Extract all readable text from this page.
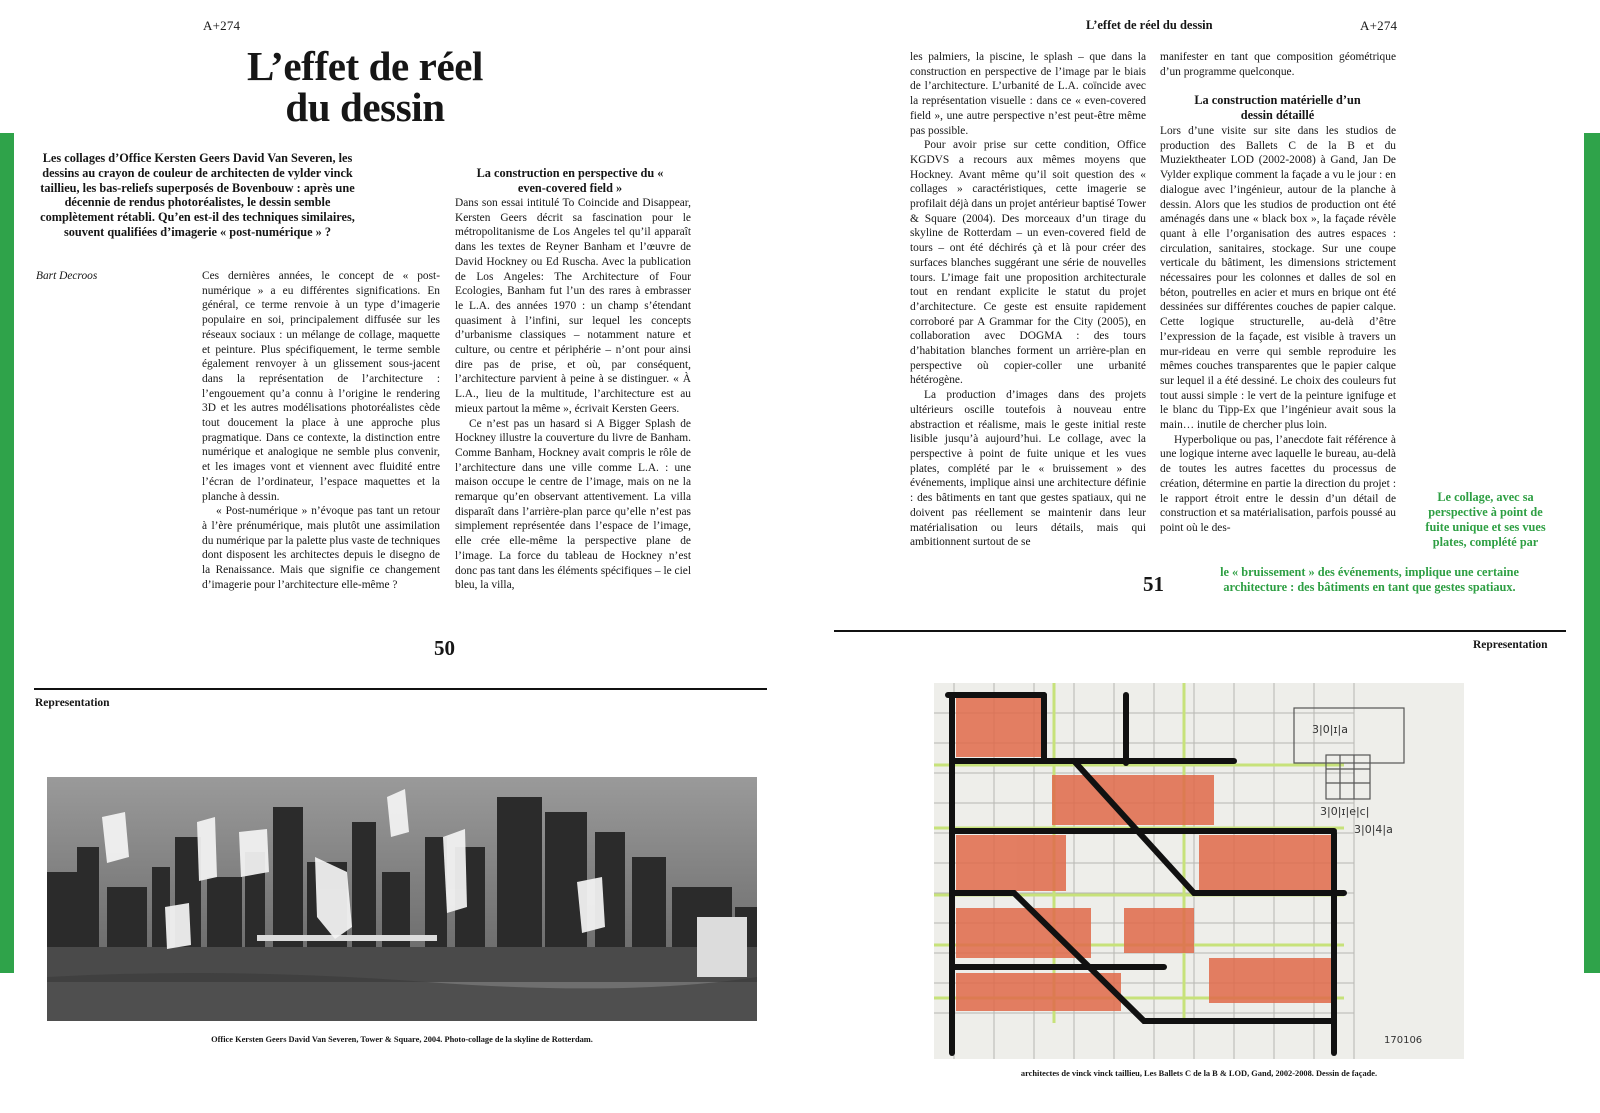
A+274
L’effet de réel
du dessin
Les collages d’Office Kersten Geers David Van Severen, les dessins au crayon de couleur de architecten de vylder vinck taillieu, les bas-reliefs superposés de Bovenbouw : après une décennie de rendus photoréalistes, le dessin semble complètement rétabli. Qu’en est-il des techniques similaires, souvent qualifiées d’imagerie « post-numérique » ?
Bart Decroos	Ces dernières années, le concept de « post-numérique » a eu différentes significations. En général, ce terme renvoie à un type d’imagerie populaire en soi, principalement diffusée sur les réseaux sociaux : un mélange de collage, maquette et peinture. Plus spécifiquement, le terme semble également renvoyer à un glissement sous-jacent dans la représentation de l’architecture : l’engouement qu’a connu à l’origine le rendering 3D et les autres modélisations photoréalistes cède tout doucement la place à une approche plus pragmatique. Dans ce contexte, la distinction entre numérique et analogique ne semble plus convenir, et les images vont et viennent avec fluidité entre l’écran de l’ordinateur, l’espace maquettes et la planche à dessin.

« Post-numérique » n’évoque pas tant un retour à l’ère prénumérique, mais plutôt une assimilation du numérique par la palette plus vaste de techniques dont disposent les architectes depuis le disegno de la Renaissance. Mais que signifie ce changement d’imagerie pour l’architecture elle-même ?

La construction en perspective du « even-covered field »

Dans son essai intitulé To Coincide and Disappear, Kersten Geers décrit sa fascination pour le métropolitanisme de Los Angeles tel qu’il apparaît dans les textes de Reyner Banham et l’œuvre de David Hockney ou Ed Ruscha. Avec la publication de Los Angeles: The Architecture of Four Ecologies, Banham fut l’un des rares à embrasser le L.A. des années 1970 : un champ s’étendant quasiment à l’infini, sur lequel les concepts d’urbanisme classiques – notamment nature et culture, ou centre et périphérie – n’ont pour ainsi dire pas de prise, et où, par conséquent, l’architecture parvient à peine à se distinguer. « À L.A., lieu de la multitude, l’architecture est au mieux partout la même », écrivait Kersten Geers.

Ce n’est pas un hasard si A Bigger Splash de Hockney illustre la couverture du livre de Banham. Comme Banham, Hockney avait compris le rôle de l’architecture dans une ville comme L.A. : une maison occupe le centre de l’image, mais on ne la remarque qu’en observant attentivement. La villa disparaît dans l’arrière-plan parce qu’elle n’est pas simplement représentée dans l’espace de l’image, elle crée elle-même la perspective plane de l’image. La force du tableau de Hockney n’est donc pas tant dans les éléments spécifiques – le ciel bleu, la villa,

50
Representation
Office Kersten Geers David Van Severen, Tower & Square, 2004. Photo-collage de la skyline de Rotterdam.
L’effet de réel du dessin	A+274

les palmiers, la piscine, le splash – que dans la construction en perspective de l’image par le biais de l’architecture. L’urbanité de L.A. coïncide avec la représentation visuelle : dans ce « even-covered field », une autre perspective n’est peut-être même pas possible.

Pour avoir prise sur cette condition, Office KGDVS a recours aux mêmes moyens que Hockney. Avant même qu’il soit question des « collages » caractéristiques, cette imagerie se profilait déjà dans un projet antérieur baptisé Tower & Square (2004). Des morceaux d’un tirage du skyline de Rotterdam – un even-covered field de tours – ont été déchirés çà et là pour créer des surfaces blanches suggérant une série de nouvelles tours. L’image fait une proposition architecturale tout en rendant explicite le statut du projet d’architecture. Ce geste est ensuite rapidement corroboré par A Grammar for the City (2005), en collaboration avec DOGMA : des tours d’habitation blanches forment un arrière-plan en perspective où copier-coller une urbanité hétérogène.

La production d’images dans des projets ultérieurs oscille toutefois à nouveau entre abstraction et réalisme, mais le geste initial reste lisible jusqu’à aujourd’hui. Le collage, avec la perspective à point de fuite unique et les vues plates, complété par le « bruissement » des événements, implique ainsi une architecture définie : des bâtiments en tant que gestes spatiaux, qui ne doivent pas réellement se maintenir dans leur matérialisation ou leurs détails, mais qui ambitionnent surtout de se

manifester en tant que composition géométrique d’un programme quelconque.

La construction matérielle d’un dessin détaillé

Lors d’une visite sur site dans les studios de production des Ballets C de la B et du Muziektheater LOD (2002-2008) à Gand, Jan De Vylder explique comment la façade a vu le jour : en dialogue avec l’ingénieur, autour de la planche à dessin. Alors que les studios de production ont été aménagés dans une « black box », la façade révèle quant à elle l’organisation des autres espaces : circulation, sanitaires, stockage. Sur une coupe verticale du bâtiment, les dimensions strictement nécessaires pour les colonnes et dalles de sol en béton, poutrelles en acier et murs en brique ont été dessinées sur différentes couches de papier calque. Cette logique structurelle, au-delà d’être l’expression de la façade, est visible à travers un mur-rideau en verre qui semble reproduire les mêmes couches transparentes que le papier calque sur lequel il a été dessiné. Le choix des couleurs fut tout aussi simple : le vert de la peinture ignifuge et le blanc du Tipp-Ex que l’ingénieur avait sous la main… inutile de chercher plus loin.

Hyperbolique ou pas, l’anecdote fait référence à une logique interne avec laquelle le bureau, au-delà de toutes les autres facettes du processus de création, détermine en partie la direction du projet : le rapport étroit entre le dessin d’un détail de construction et sa matérialisation, parfois poussé au point où le des-

Le collage, avec sa perspective à point de fuite unique et ses vues plates, complété par
le « bruissement » des événements, implique une certaine architecture : des bâtiments en tant que gestes spatiaux.
51
Representation
3|0|ɪ|a
3|0|ɪ|e|c|
3|0|4|a
170106
architectes de vinck vinck taillieu, Les Ballets C de la B & LOD, Gand, 2002-2008. Dessin de façade.
